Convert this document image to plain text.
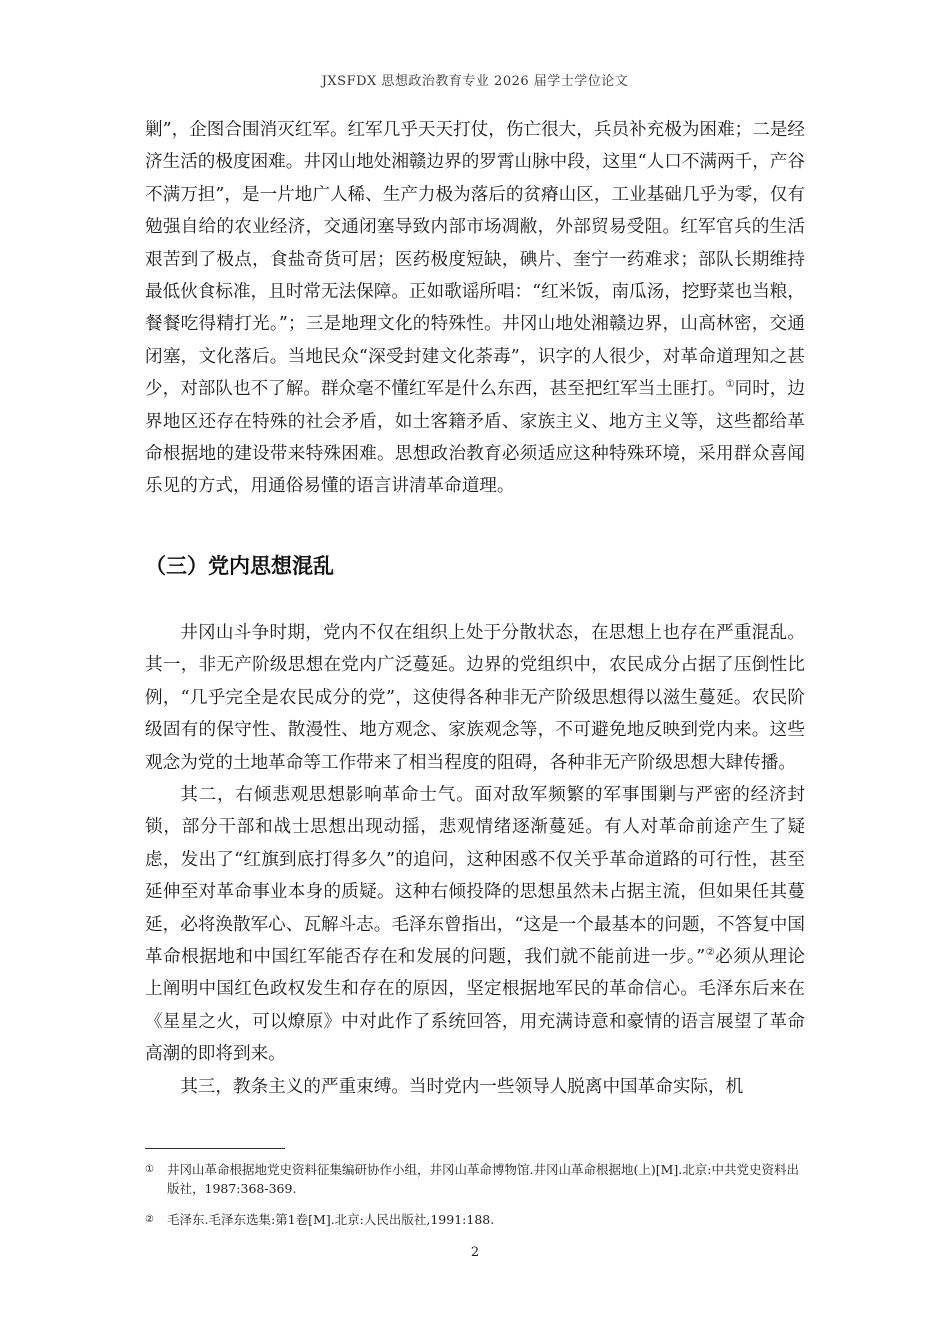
JXSFDX 思想政治教育专业 2026 届学士学位论文

剿”，企图合围消灭红军。红军几乎天天打仗，伤亡很大，兵员补充极为困难；二是经济生活的极度困难。井冈山地处湘赣边界的罗霄山脉中段，这里“人口不满两千，产谷不满万担”，是一片地广人稀、生产力极为落后的贫瘠山区，工业基础几乎为零，仅有勉强自给的农业经济，交通闭塞导致内部市场凋敝，外部贸易受阻。红军官兵的生活艰苦到了极点，食盐奇货可居；医药极度短缺，碘片、奎宁一药难求；部队长期维持最低伙食标准，且时常无法保障。正如歌谣所唱：“红米饭，南瓜汤，挖野菜也当粮，餐餐吃得精打光。”；三是地理文化的特殊性。井冈山地处湘赣边界，山高林密，交通闭塞，文化落后。当地民众“深受封建文化荼毒”，识字的人很少，对革命道理知之甚少，对部队也不了解。群众毫不懂红军是什么东西，甚至把红军当土匪打。①同时，边界地区还存在特殊的社会矛盾，如土客籍矛盾、家族主义、地方主义等，这些都给革命根据地的建设带来特殊困难。思想政治教育必须适应这种特殊环境，采用群众喜闻乐见的方式，用通俗易懂的语言讲清革命道理。

（三）党内思想混乱

井冈山斗争时期，党内不仅在组织上处于分散状态，在思想上也存在严重混乱。其一，非无产阶级思想在党内广泛蔓延。边界的党组织中，农民成分占据了压倒性比例，“几乎完全是农民成分的党”，这使得各种非无产阶级思想得以滋生蔓延。农民阶级固有的保守性、散漫性、地方观念、家族观念等，不可避免地反映到党内来。这些观念为党的土地革命等工作带来了相当程度的阻碍，各种非无产阶级思想大肆传播。

其二，右倾悲观思想影响革命士气。面对敌军频繁的军事围剿与严密的经济封锁，部分干部和战士思想出现动摇，悲观情绪逐渐蔓延。有人对革命前途产生了疑虑，发出了“红旗到底打得多久”的追问，这种困惑不仅关乎革命道路的可行性，甚至延伸至对革命事业本身的质疑。这种右倾投降的思想虽然未占据主流，但如果任其蔓延，必将涣散军心、瓦解斗志。毛泽东曾指出，“这是一个最基本的问题，不答复中国革命根据地和中国红军能否存在和发展的问题，我们就不能前进一步。”②必须从理论上阐明中国红色政权发生和存在的原因，坚定根据地军民的革命信心。毛泽东后来在《星星之火，可以燎原》中对此作了系统回答，用充满诗意和豪情的语言展望了革命高潮的即将到来。

其三，教条主义的严重束缚。当时党内一些领导人脱离中国革命实际，机

①	井冈山革命根据地党史资料征集编研协作小组，井冈山革命博物馆.井冈山革命根据地(上)[M].北京:中共党史资料出版社，1987:368-369.
②	毛泽东.毛泽东选集:第1卷[M].北京:人民出版社,1991:188.
2
